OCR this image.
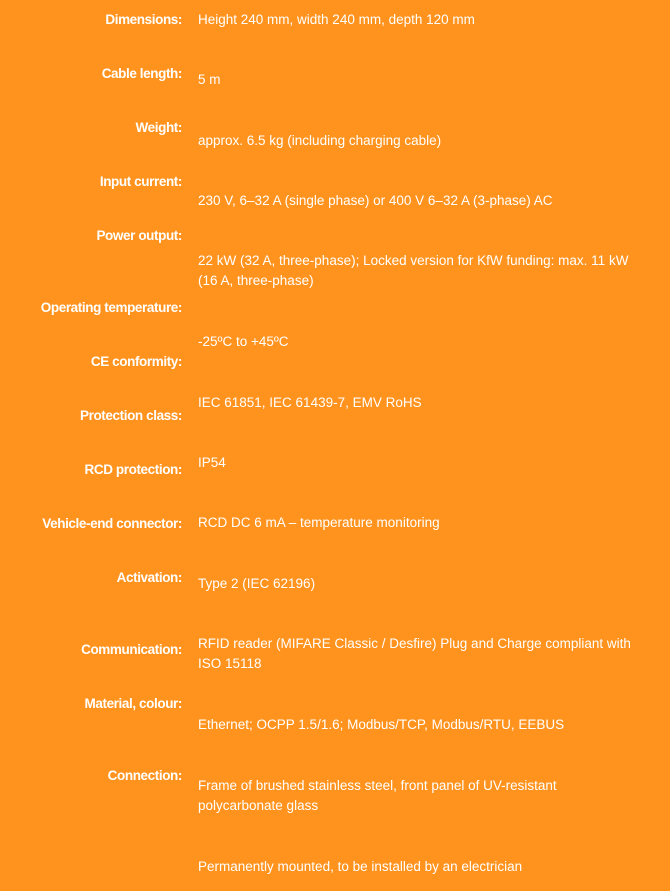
Dimensions:
Cable length:
Weight:
Input current:
Power output:
Operating temperature:
CE conformity:
Protection class:
RCD protection:
Vehicle-end connector:
Activation:
Communication:
Material, colour:
Connection:
Height 240 mm, width 240 mm, depth 120 mm
5 m
approx. 6.5 kg (including charging cable)
230 V, 6–32 A (single phase) or 400 V 6–32 A (3-phase) AC
22 kW (32 A, three-phase); Locked version for KfW funding: max. 11 kW (16 A, three-phase)
-25ºC to +45ºC
IEC 61851, IEC 61439-7, EMV RoHS
IP54
RCD DC 6 mA – temperature monitoring
Type 2 (IEC 62196)
RFID reader (MIFARE Classic / Desfire) Plug and Charge compliant with ISO 15118
Ethernet; OCPP 1.5/1.6; Modbus/TCP, Modbus/RTU, EEBUS
Frame of brushed stainless steel, front panel of UV-resistant polycarbonate glass
Permanently mounted, to be installed by an electrician
